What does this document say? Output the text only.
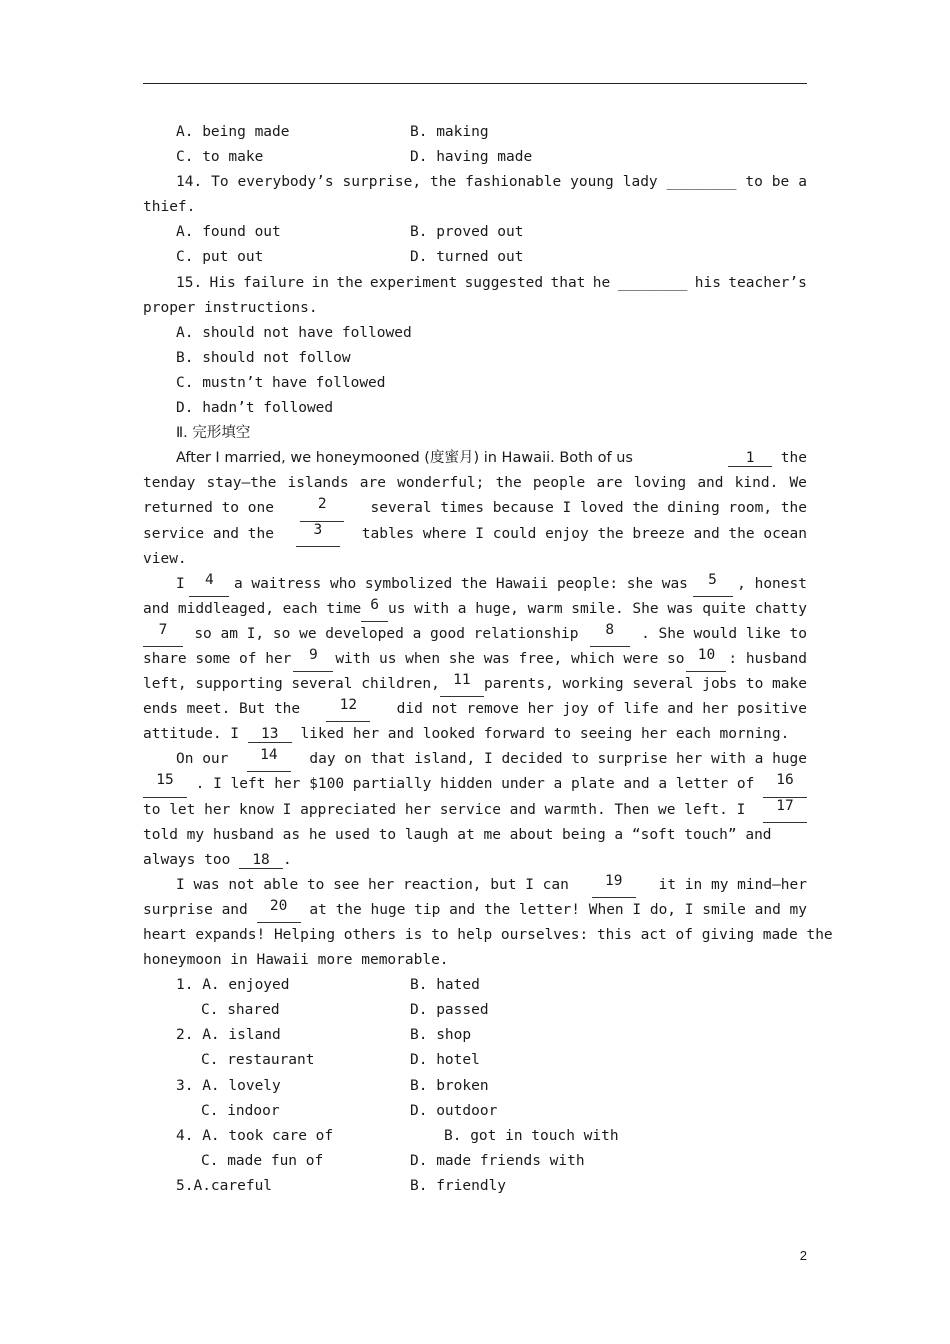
A. being made	B. making
C. to make	D. having made
14. To everybody’s surprise, the fashionable young lady ________ to be a
thief.
A. found out	B. proved out
C. put out	D. turned out
15. His failure in the experiment suggested that he ________ his teacher’s
proper instructions.
A. should not have followed
B. should not follow
C. mustn’t have followed
D. hadn’t followed
Ⅱ. 完形填空
After I married, we honeymooned (度蜜月) in Hawaii. Both of us	1 the
tenday stay—the islands are wonderful; the people are loving and kind. We
returned to one	2	several times because I loved the dining room, the
service and the	3	tables where I could enjoy the breeze and the ocean
view.
I	4	a waitress who symbolized the Hawaii people: she was	5	, honest
and middleaged, each time 6 us with a huge, warm smile. She was quite chatty
7	so am I, so we developed a good relationship	8	. She would like to
share some of her	9	with us when she was free, which were so 10 : husband
left, supporting several children, 11 parents, working several jobs to make
ends meet. But the	12	did not remove her joy of life and her positive
attitude. I 13 liked her and looked forward to seeing her each morning.
On our	14	day on that island, I decided to surprise her with a huge
15	. I left her $100 partially hidden under a plate and a letter of	16
to let her know I appreciated her service and warmth. Then we left. I	17
told my husband as he used to laugh at me about being a “soft touch” and
always too 18 .
I was not able to see her reaction, but I can	19	it in my mind—her
surprise and	20	at the huge tip and the letter! When I do, I smile and my
heart expands! Helping others is to help ourselves: this act of giving made the
honeymoon in Hawaii more memorable.
1. A. enjoyed	B. hated
C. shared	D. passed
2. A. island	B. shop
C. restaurant	D. hotel
3. A. lovely	B. broken
C. indoor	D. outdoor
4. A. took care of	B. got in touch with
C. made fun of	D. made friends with
5.A.careful	B. friendly
2
